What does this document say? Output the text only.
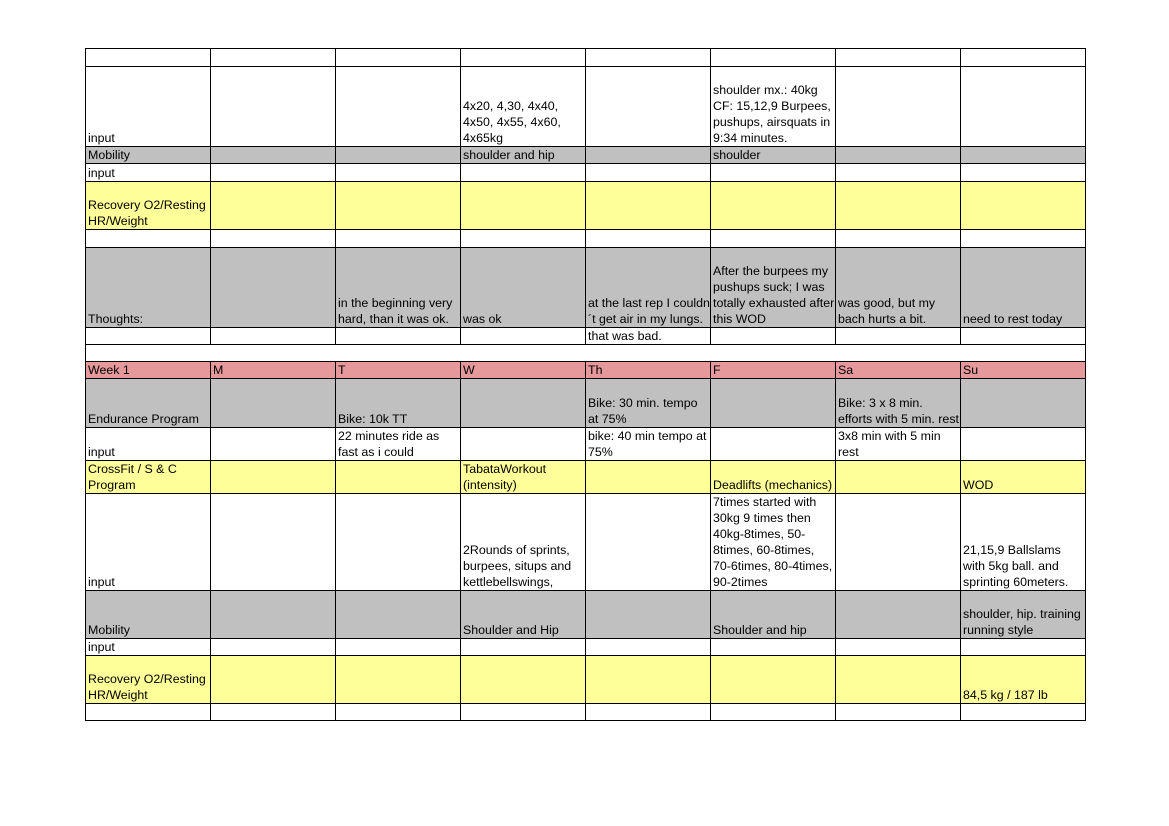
input			4x20, 4,30, 4x40, 4x50, 4x55, 4x60, 4x65kg		shoulder mx.: 40kg CF: 15,12,9 Burpees, pushups, airsquats in 9:34 minutes.		
Mobility			shoulder and hip		shoulder		
input							
Recovery O2/Resting HR/Weight							

Thoughts:		in the beginning very hard, than it was ok.	was ok	at the last rep I couldn´t get air in my lungs.	After the burpees my pushups suck; I was totally exhausted after this WOD	was good, but my bach hurts a bit.	need to rest today
				that was bad.			

Week 1	M	T	W	Th	F	Sa	Su
Endurance Program		Bike: 10k TT		Bike: 30 min. tempo at 75%		Bike: 3 x 8 min. efforts with 5 min. rest	
input		22 minutes ride as fast as i could		bike: 40 min tempo at 75%		3x8 min with 5 min rest	
CrossFit / S & C Program			TabataWorkout (intensity)		Deadlifts (mechanics)		WOD
input			2Rounds of sprints, burpees, situps and kettlebellswings,		7times started with 30kg 9 times then 40kg-8times, 50-8times, 60-8times, 70-6times, 80-4times, 90-2times		21,15,9 Ballslams with 5kg ball. and sprinting 60meters.
Mobility			Shoulder and Hip		Shoulder and hip		shoulder, hip. training running style
input							
Recovery O2/Resting HR/Weight							84,5 kg / 187 lb
